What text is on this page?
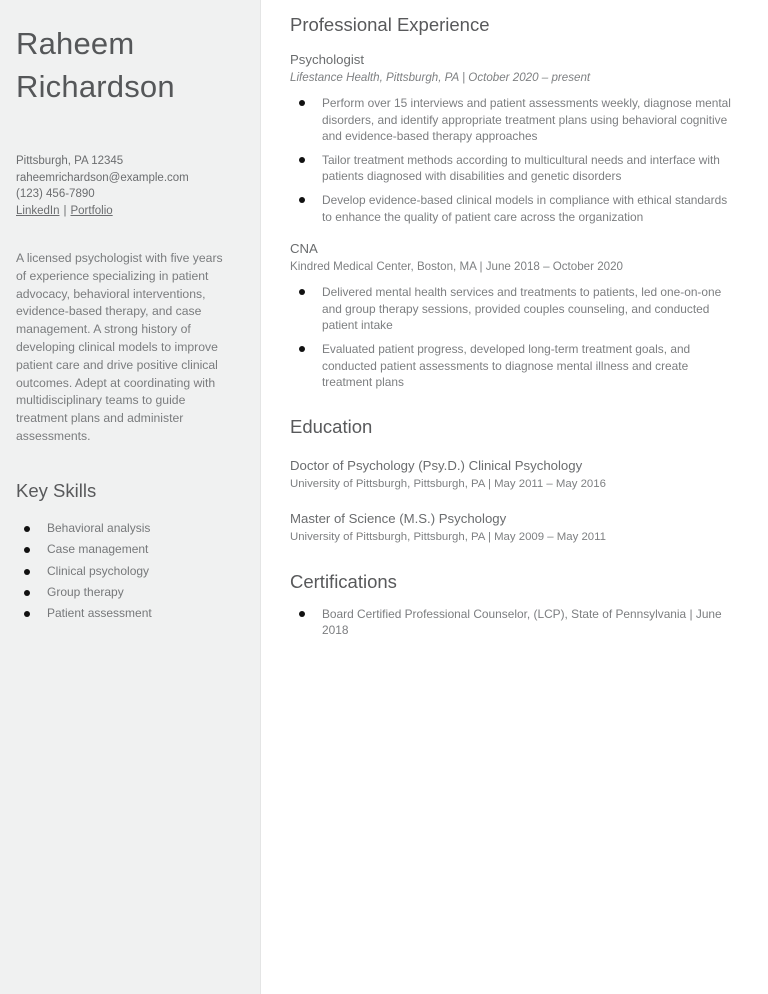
Raheem
Richardson
Pittsburgh, PA 12345
raheemrichardson@example.com
(123) 456-7890
LinkedIn | Portfolio

A licensed psychologist with five years of experience specializing in patient advocacy, behavioral interventions, evidence-based therapy, and case management. A strong history of developing clinical models to improve patient care and drive positive clinical outcomes. Adept at coordinating with multidisciplinary teams to guide treatment plans and administer assessments.

Key Skills
Behavioral analysis
Case management
Clinical psychology
Group therapy
Patient assessment
Professional Experience
Psychologist
Lifestance Health, Pittsburgh, PA | October 2020 – present
Perform over 15 interviews and patient assessments weekly, diagnose mental disorders, and identify appropriate treatment plans using behavioral cognitive and evidence-based therapy approaches
Tailor treatment methods according to multicultural needs and interface with patients diagnosed with disabilities and genetic disorders
Develop evidence-based clinical models in compliance with ethical standards to enhance the quality of patient care across the organization
CNA
Kindred Medical Center, Boston, MA | June 2018 – October 2020
Delivered mental health services and treatments to patients, led one-on-one and group therapy sessions, provided couples counseling, and conducted patient intake
Evaluated patient progress, developed long-term treatment goals, and conducted patient assessments to diagnose mental illness and create treatment plans
Education
Doctor of Psychology (Psy.D.) Clinical Psychology
University of Pittsburgh, Pittsburgh, PA | May 2011 – May 2016
Master of Science (M.S.) Psychology
University of Pittsburgh, Pittsburgh, PA | May 2009 – May 2011
Certifications
Board Certified Professional Counselor, (LCP), State of Pennsylvania | June 2018
